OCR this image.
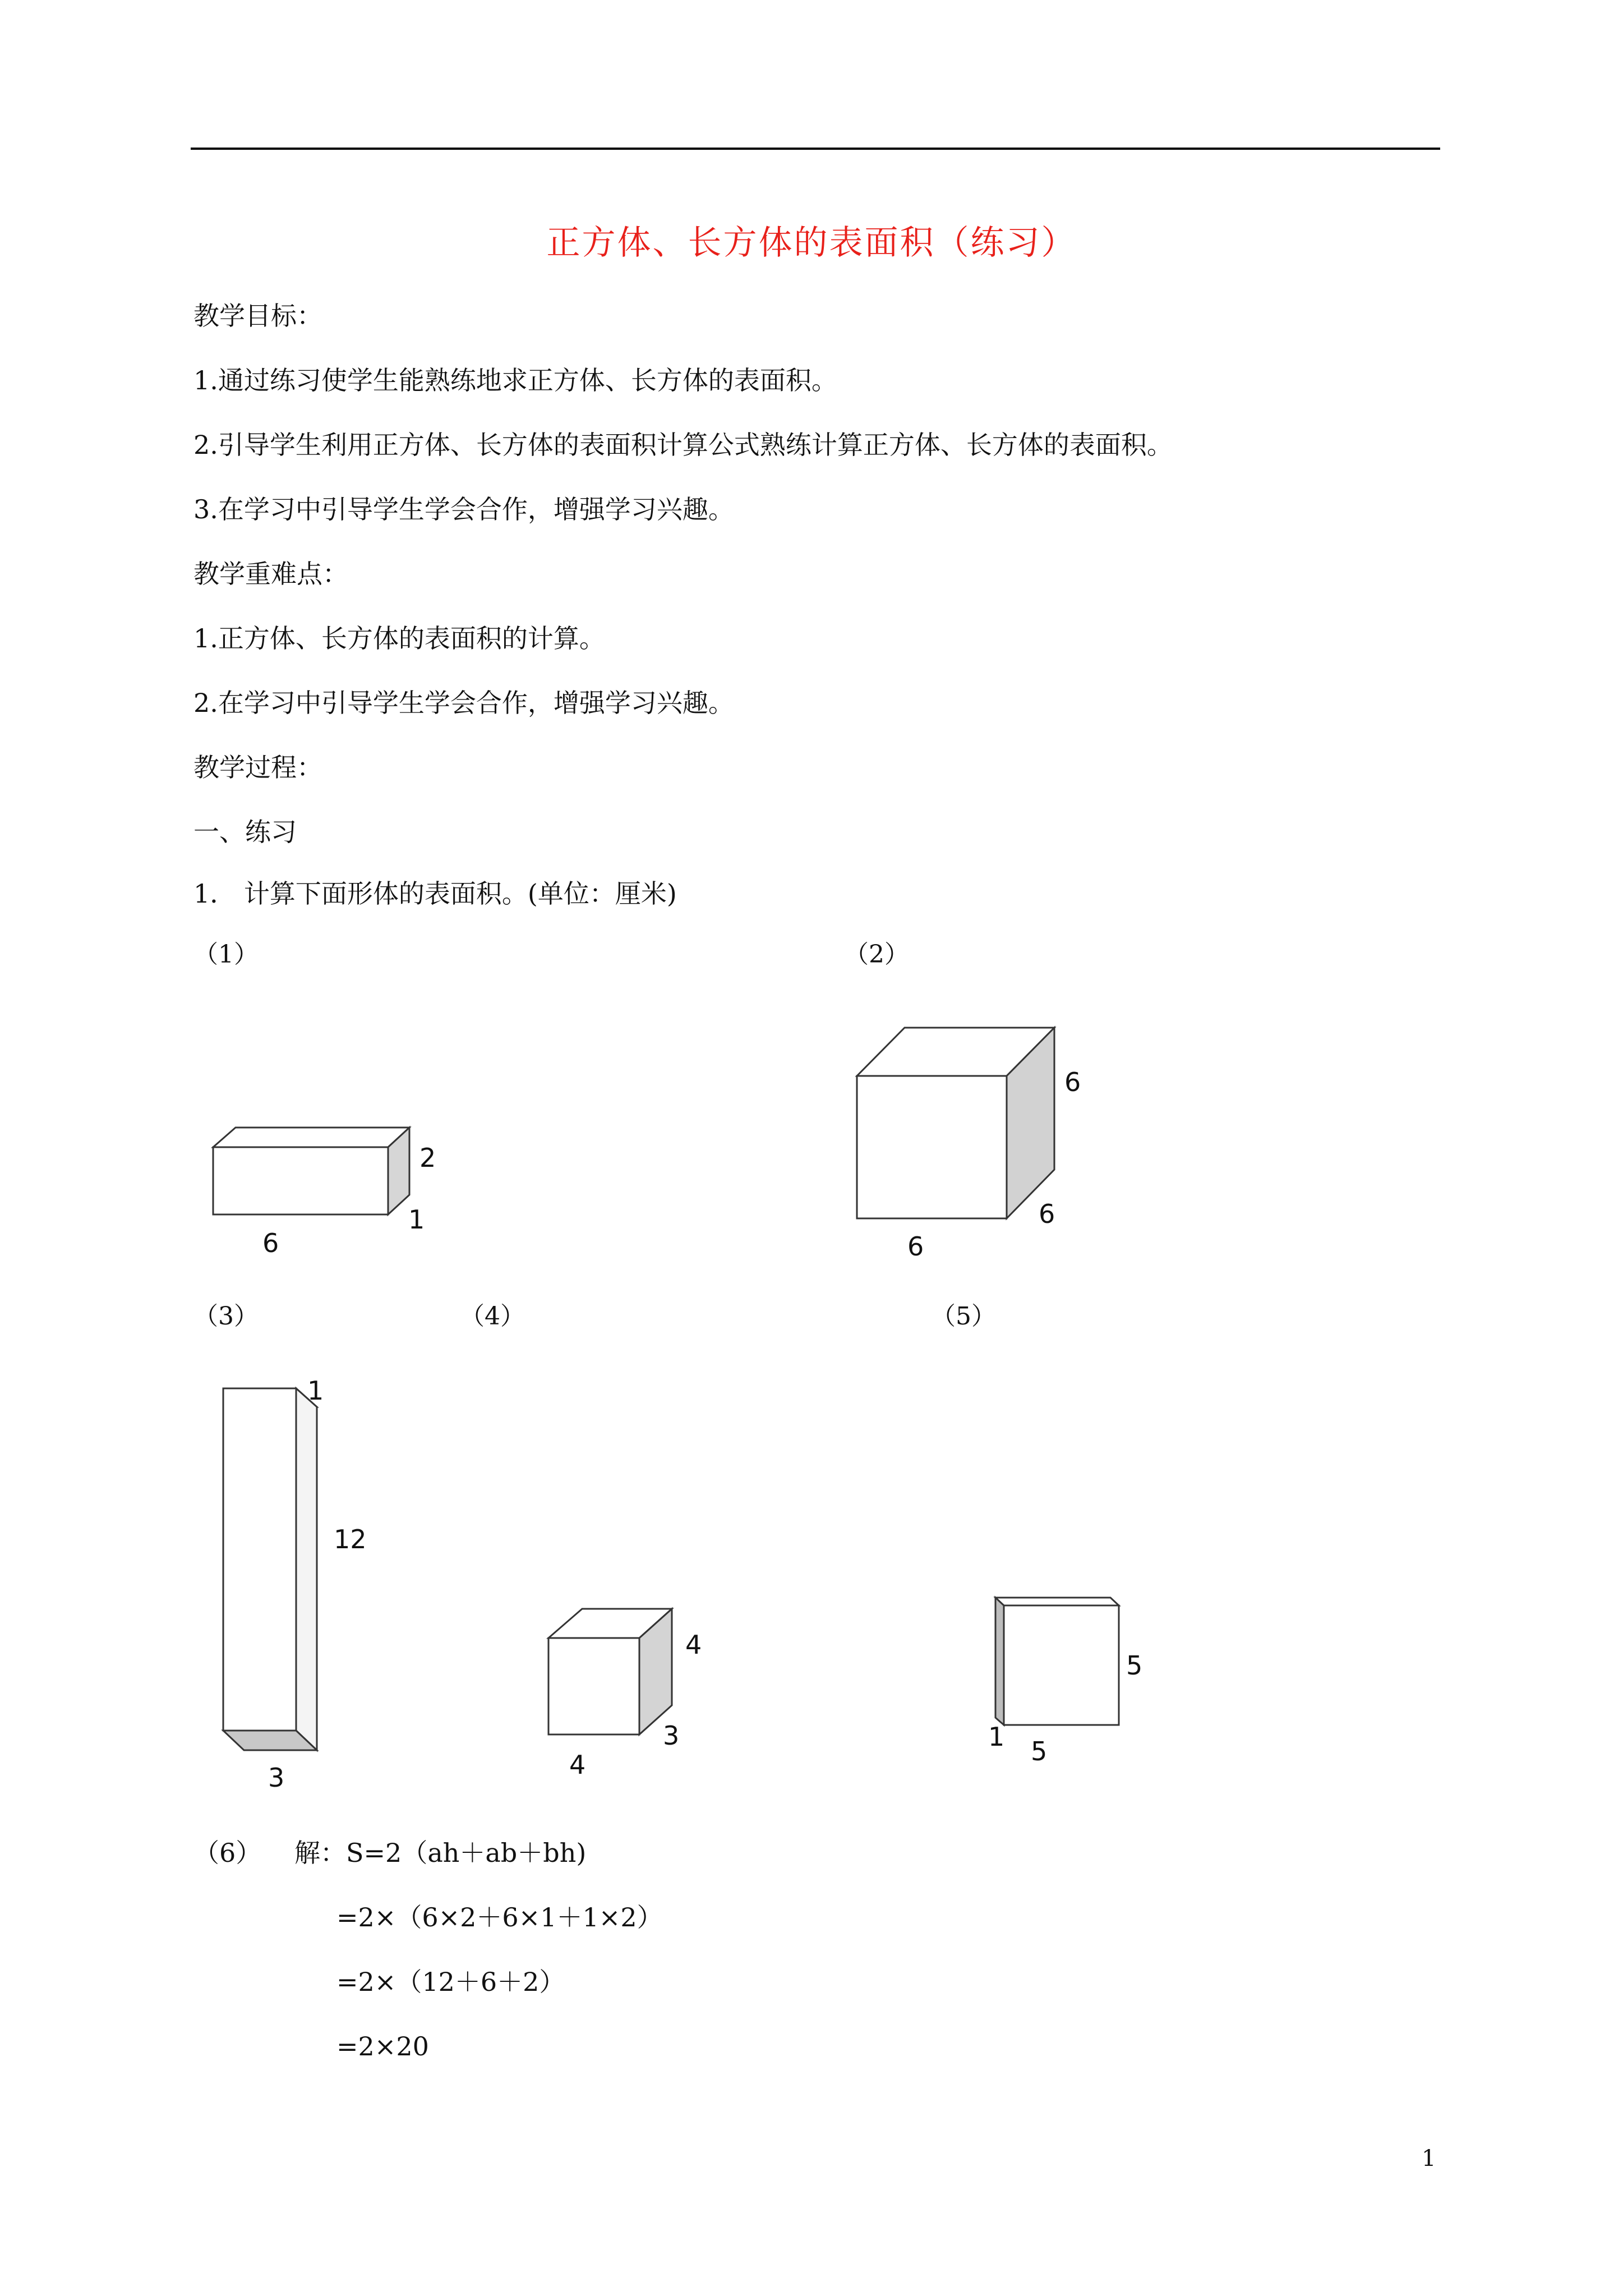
正方体、长方体的表面积（练习）
教学目标：
1.通过练习使学生能熟练地求正方体、长方体的表面积。
2.引导学生利用正方体、长方体的表面积计算公式熟练计算正方体、长方体的表面积。
3.在学习中引导学生学会合作，增强学习兴趣。
教学重难点：
1.正方体、长方体的表面积的计算。
2.在学习中引导学生学会合作，增强学习兴趣。
教学过程：
一、练习
1． 计算下面形体的表面积。(单位：厘米)
（1）	（2）
（3）	（4）	（5）
6
2
1
6
6
6
1
12
3	4
4
3
5
5
1
（6） 解：S=2（ah＋ab＋bh)
=2×（6×2＋6×1＋1×2）
=2×（12＋6＋2）
=2×20
1
